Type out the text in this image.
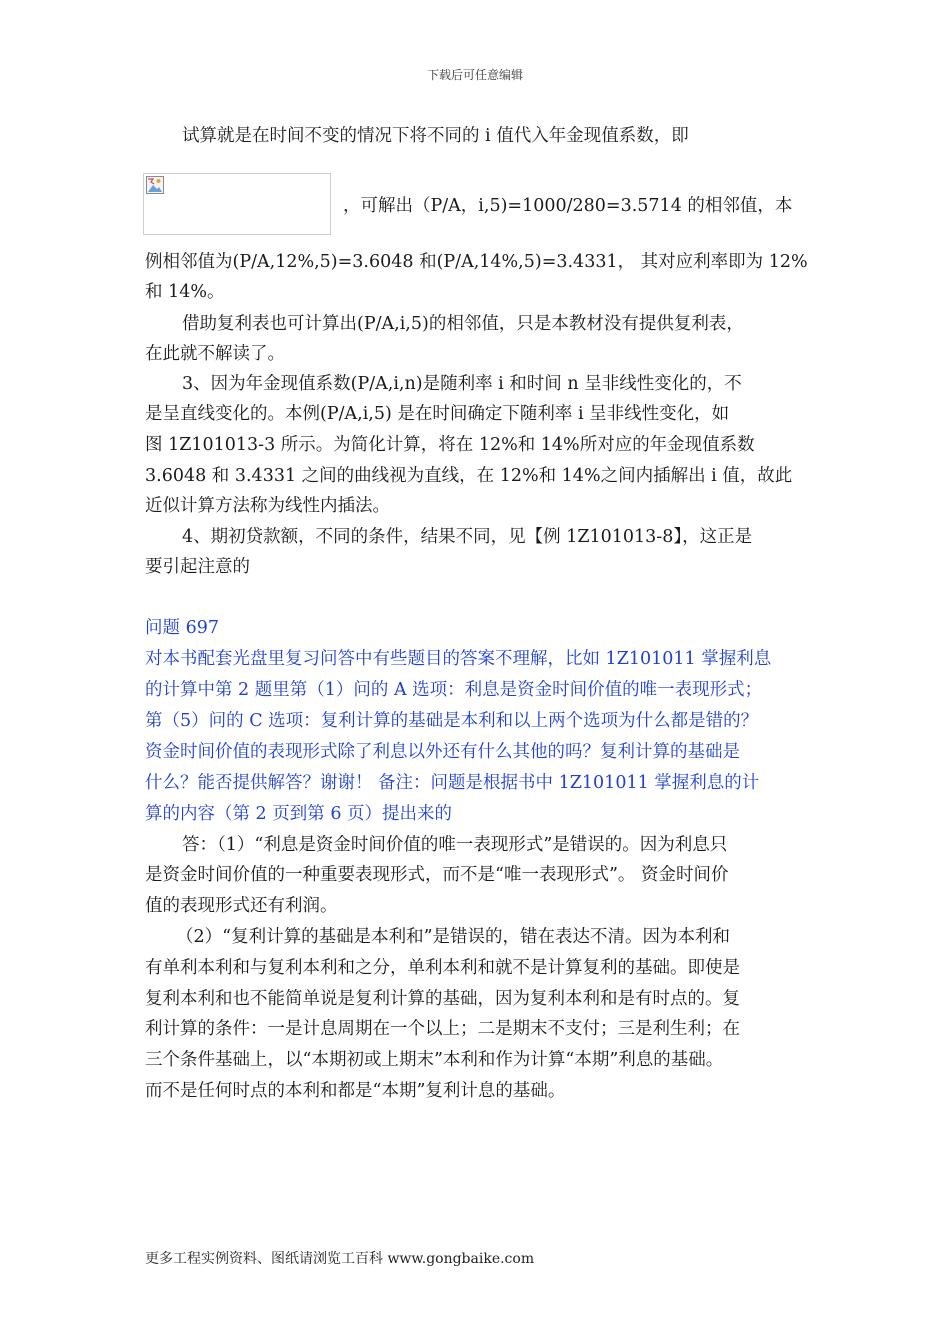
下载后可任意编辑
试算就是在时间不变的情况下将不同的 i 值代入年金现值系数，即
，可解出（P/A，i,5)=1000/280=3.5714 的相邻值，本
例相邻值为(P/A,12%,5)=3.6048 和(P/A,14%,5)=3.4331， 其对应利率即为 12%
和 14%。
借助复利表也可计算出(P/A,i,5)的相邻值，只是本教材没有提供复利表，
在此就不解读了。
3、因为年金现值系数(P/A,i,n)是随利率 i 和时间 n 呈非线性变化的，不
是呈直线变化的。本例(P/A,i,5) 是在时间确定下随利率 i 呈非线性变化，如
图 1Z101013-3 所示。为简化计算，将在 12%和 14%所对应的年金现值系数
3.6048 和 3.4331 之间的曲线视为直线，在 12%和 14%之间内插解出 i 值，故此
近似计算方法称为线性内插法。
4、期初贷款额，不同的条件，结果不同，见【例 1Z101013-8】，这正是
要引起注意的
问题 697
对本书配套光盘里复习问答中有些题目的答案不理解，比如 1Z101011 掌握利息
的计算中第 2 题里第（1）问的 A 选项：利息是资金时间价值的唯一表现形式；
第（5）问的 C 选项：复利计算的基础是本利和以上两个选项为什么都是错的？
资金时间价值的表现形式除了利息以外还有什么其他的吗？复利计算的基础是
什么？能否提供解答？谢谢！ 备注：问题是根据书中 1Z101011 掌握利息的计
算的内容（第 2 页到第 6 页）提出来的
答：（1）“利息是资金时间价值的唯一表现形式”是错误的。因为利息只
是资金时间价值的一种重要表现形式，而不是“唯一表现形式”。 资金时间价
值的表现形式还有利润。
（2）“复利计算的基础是本利和”是错误的，错在表达不清。因为本利和
有单利本利和与复利本利和之分，单利本利和就不是计算复利的基础。即使是
复利本利和也不能简单说是复利计算的基础，因为复利本利和是有时点的。复
利计算的条件：一是计息周期在一个以上；二是期末不支付；三是利生利；在
三个条件基础上，以“本期初或上期末”本利和作为计算“本期”利息的基础。
而不是任何时点的本利和都是“本期”复利计息的基础。
更多工程实例资料、图纸请浏览工百科 www.gongbaike.com
